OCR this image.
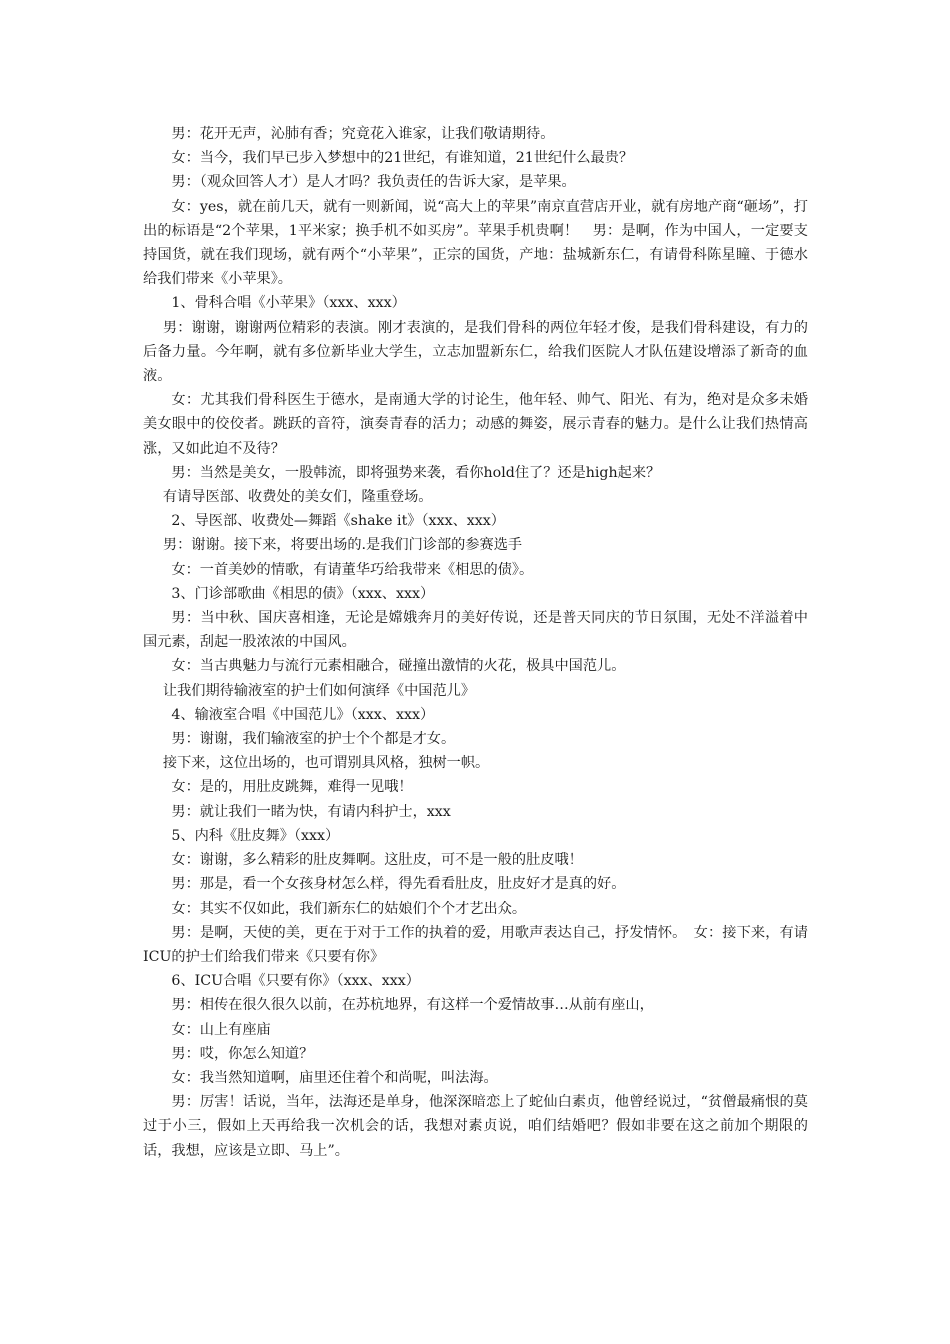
男：花开无声，沁肺有香；究竟花入谁家，让我们敬请期待。

女：当今，我们早已步入梦想中的21世纪，有谁知道，21世纪什么最贵？

男：（观众回答人才）是人才吗？我负责任的告诉大家，是苹果。

女：yes，就在前几天，就有一则新闻，说“高大上的苹果”南京直营店开业，就有房地产商“砸场”，打出的标语是“2个苹果，1平米家；换手机不如买房”。苹果手机贵啊！　男：是啊，作为中国人，一定要支持国货，就在我们现场，就有两个“小苹果”，正宗的国货，产地：盐城新东仁，有请骨科陈星瞳、于德水给我们带来《小苹果》。

1、骨科合唱《小苹果》（xxx、xxx）

男：谢谢，谢谢两位精彩的表演。刚才表演的，是我们骨科的两位年轻才俊，是我们骨科建设，有力的后备力量。今年啊，就有多位新毕业大学生，立志加盟新东仁，给我们医院人才队伍建设增添了新奇的血液。

女：尤其我们骨科医生于德水，是南通大学的讨论生，他年轻、帅气、阳光、有为，绝对是众多未婚美女眼中的佼佼者。跳跃的音符，演奏青春的活力；动感的舞姿，展示青春的魅力。是什么让我们热情高涨，又如此迫不及待？

男：当然是美女，一股韩流，即将强势来袭，看你hold住了？还是high起来？

有请导医部、收费处的美女们，隆重登场。

2、导医部、收费处—舞蹈《shake it》（xxx、xxx）

男：谢谢。接下来，将要出场的.是我们门诊部的参赛选手

女：一首美妙的情歌，有请董华巧给我带来《相思的债》。

3、门诊部歌曲《相思的债》（xxx、xxx）

男：当中秋、国庆喜相逢，无论是嫦娥奔月的美好传说，还是普天同庆的节日氛围，无处不洋溢着中国元素，刮起一股浓浓的中国风。

女：当古典魅力与流行元素相融合，碰撞出激情的火花，极具中国范儿。

让我们期待输液室的护士们如何演绎《中国范儿》

4、输液室合唱《中国范儿》（xxx、xxx）

男：谢谢，我们输液室的护士个个都是才女。

接下来，这位出场的，也可谓别具风格，独树一帜。

女：是的，用肚皮跳舞，难得一见哦！

男：就让我们一睹为快，有请内科护士，xxx

5、内科《肚皮舞》（xxx）

女：谢谢，多么精彩的肚皮舞啊。这肚皮，可不是一般的肚皮哦！

男：那是，看一个女孩身材怎么样，得先看看肚皮，肚皮好才是真的好。

女：其实不仅如此，我们新东仁的姑娘们个个才艺出众。

男：是啊，天使的美，更在于对于工作的执着的爱，用歌声表达自己，抒发情怀。　女：接下来，有请ICU的护士们给我们带来《只要有你》

6、ICU合唱《只要有你》（xxx、xxx）

男：相传在很久很久以前，在苏杭地界，有这样一个爱情故事…从前有座山，

女：山上有座庙

男：哎，你怎么知道？

女：我当然知道啊，庙里还住着个和尚呢，叫法海。

男：厉害！话说，当年，法海还是单身，他深深暗恋上了蛇仙白素贞，他曾经说过，“贫僧最痛恨的莫过于小三，假如上天再给我一次机会的话，我想对素贞说，咱们结婚吧？假如非要在这之前加个期限的话，我想，应该是立即、马上”。
